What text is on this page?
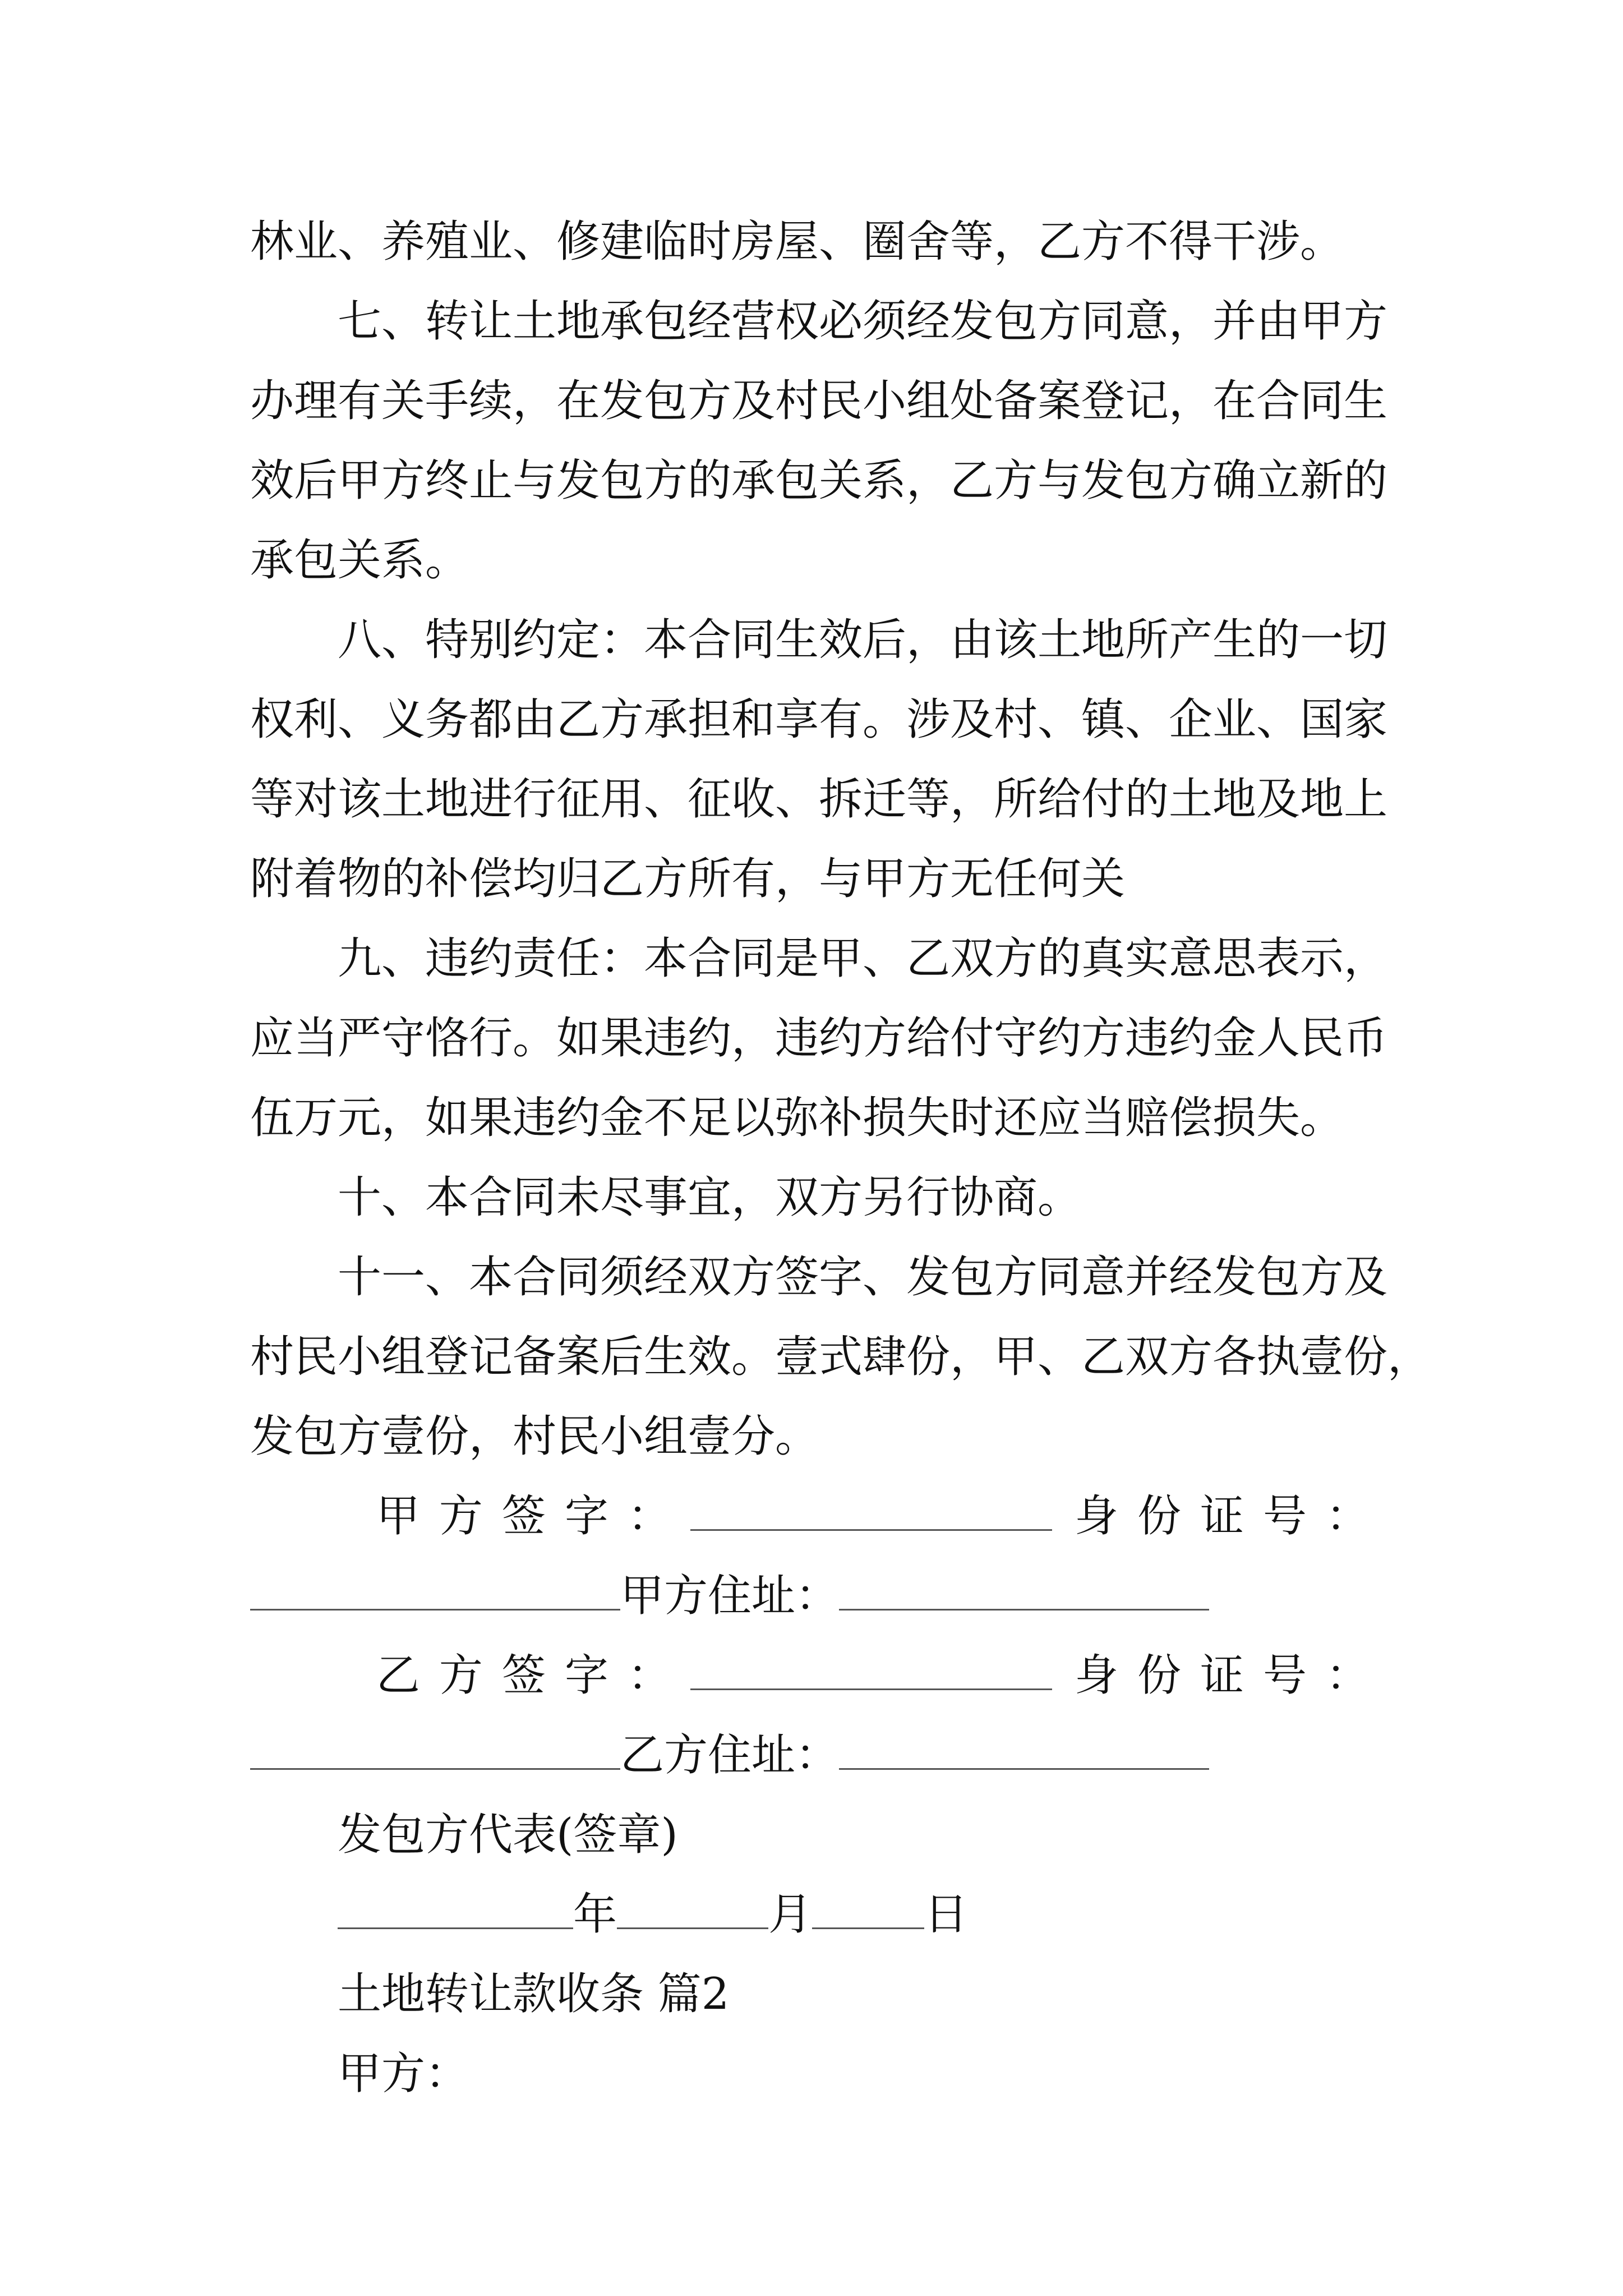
林业、养殖业、修建临时房屋、圈舍等，乙方不得干涉。

七、转让土地承包经营权必须经发包方同意，并由甲方

办理有关手续，在发包方及村民小组处备案登记，在合同生

效后甲方终止与发包方的承包关系，乙方与发包方确立新的

承包关系。

八、特别约定：本合同生效后，由该土地所产生的一切

权利、义务都由乙方承担和享有。涉及村、镇、企业、国家

等对该土地进行征用、征收、拆迁等，所给付的土地及地上

附着物的补偿均归乙方所有，与甲方无任何关

九、违约责任：本合同是甲、乙双方的真实意思表示，

应当严守恪行。如果违约，违约方给付守约方违约金人民币

伍万元，如果违约金不足以弥补损失时还应当赔偿损失。

十、本合同未尽事宜，双方另行协商。

十一、本合同须经双方签字、发包方同意并经发包方及

村民小组登记备案后生效。壹式肆份，甲、乙双方各执壹份，

发包方壹份，村民小组壹分。

甲方签字：	身份证号：
甲方住址：
乙方签字：	身份证号：
乙方住址：

发包方代表(签章)

年	月	日

土地转让款收条 篇2

甲方：
